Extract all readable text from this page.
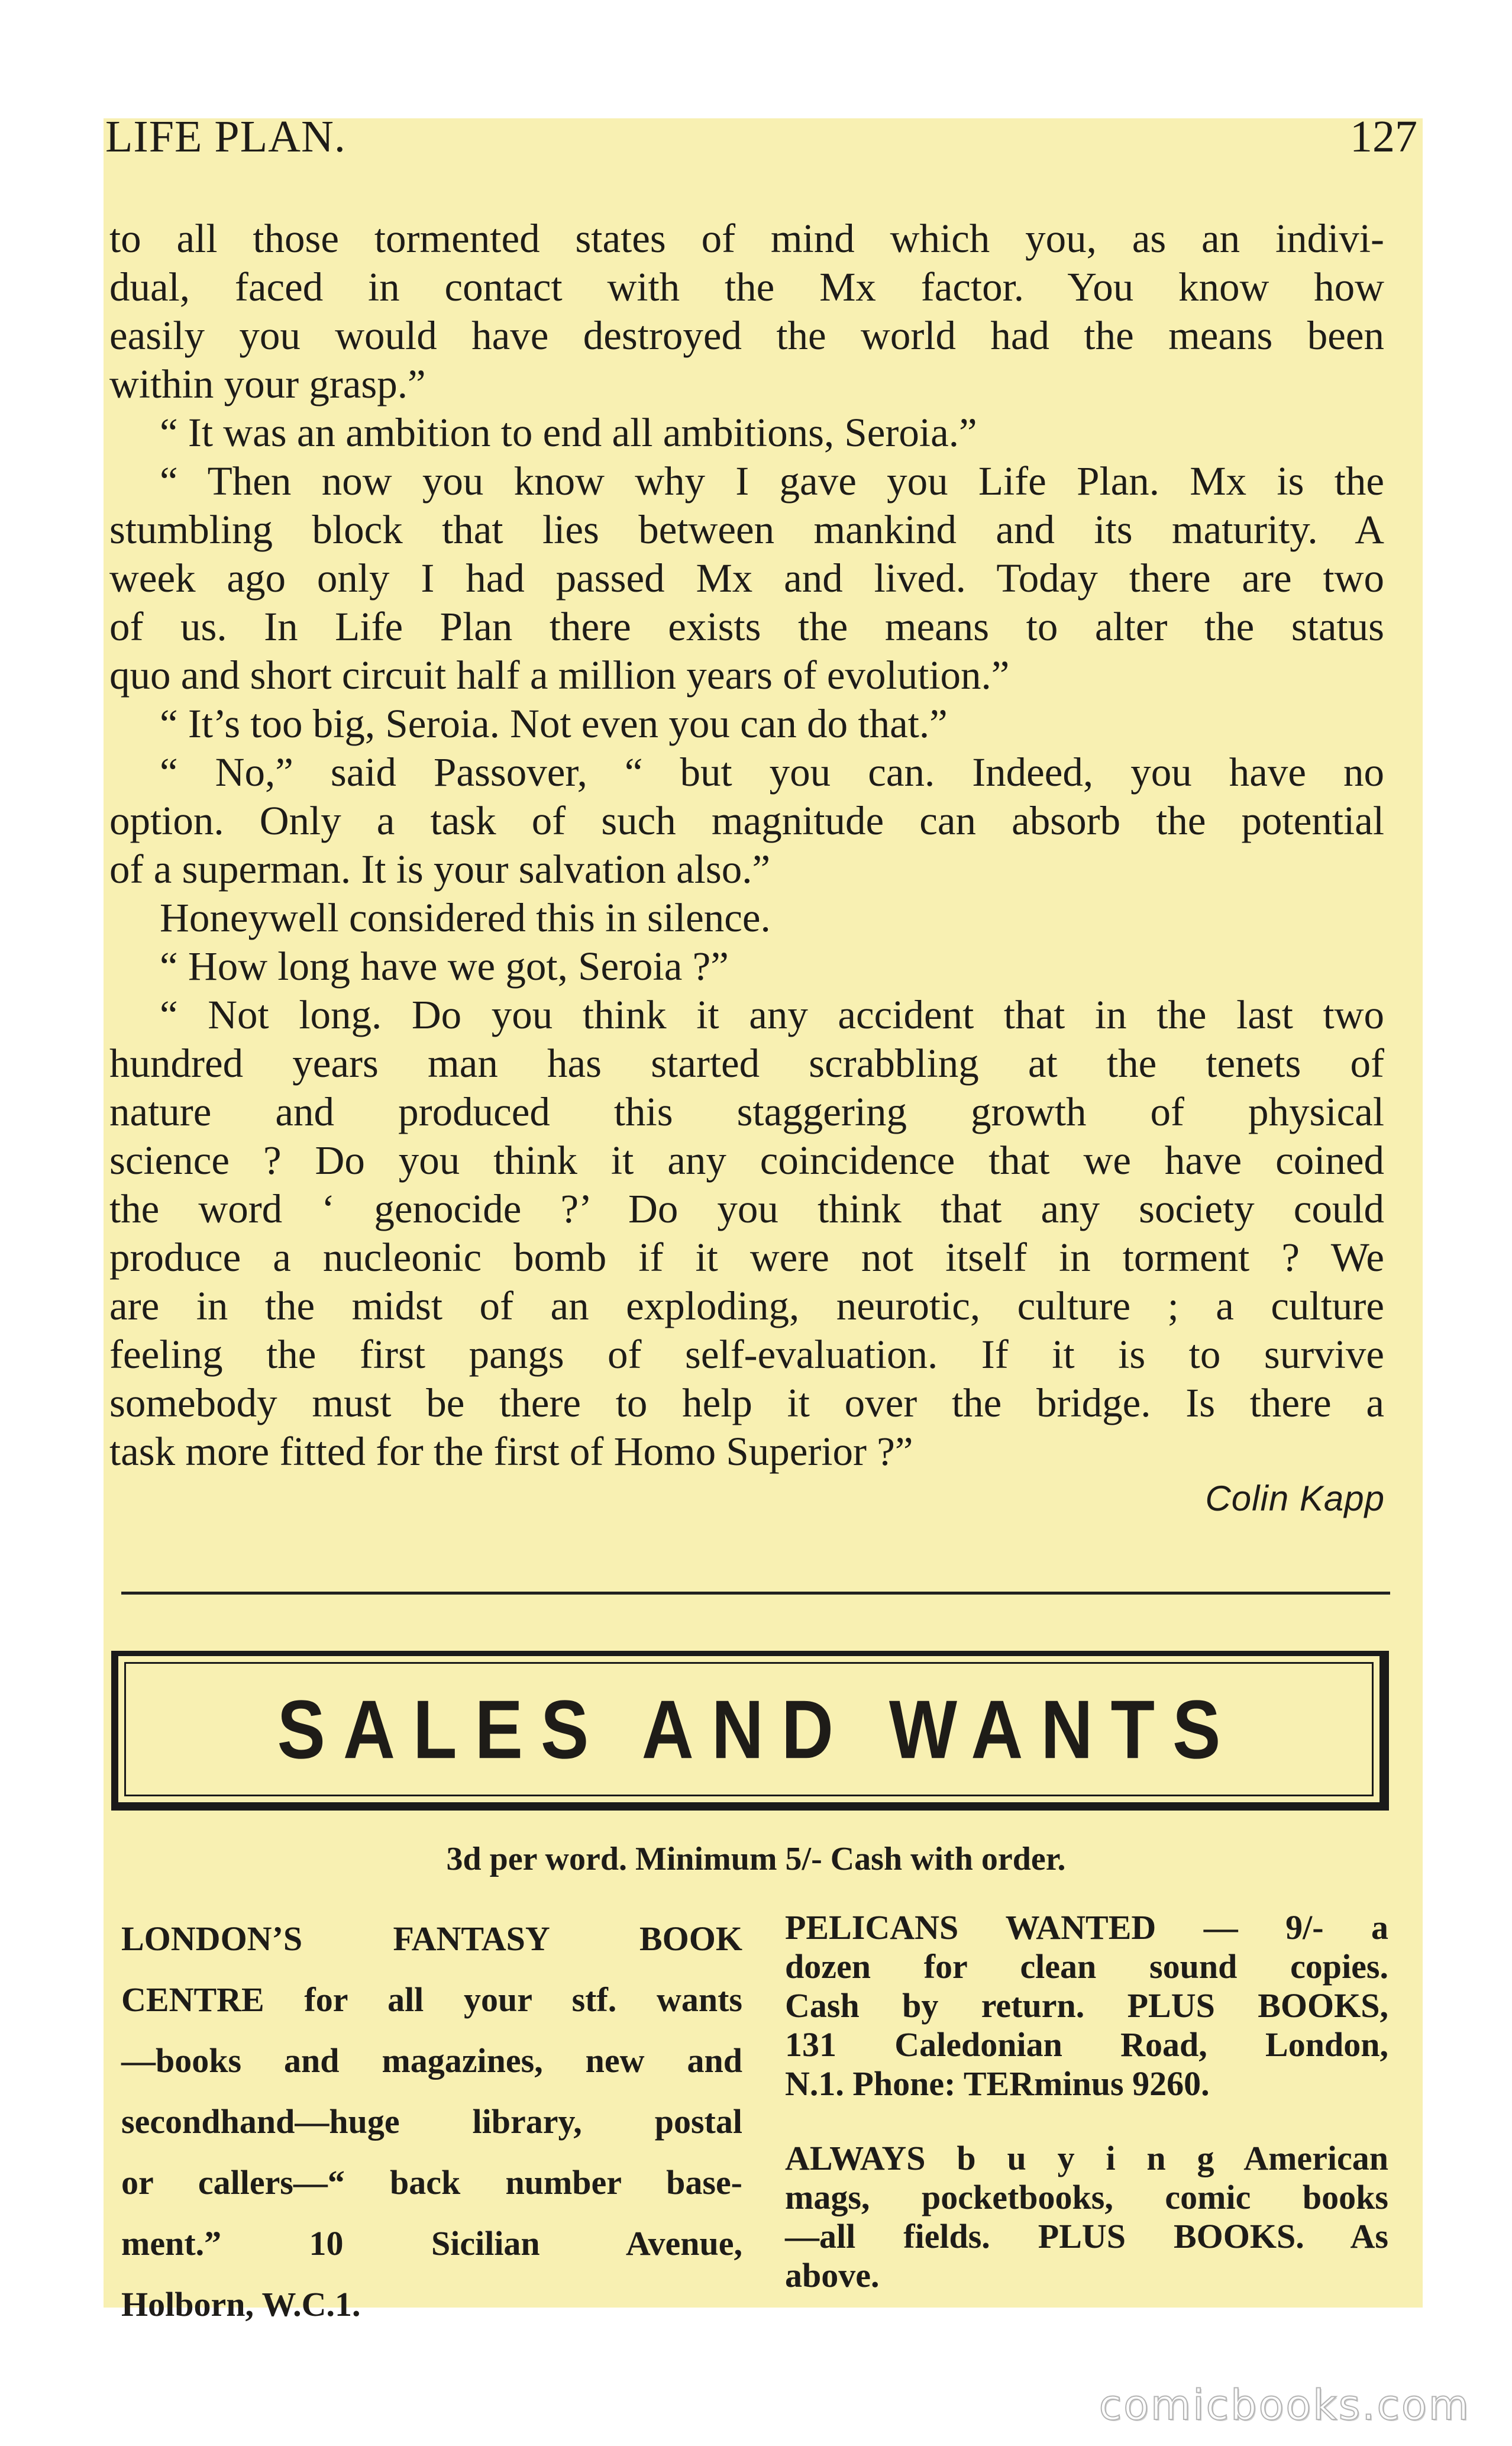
LIFE PLAN.	127
to all those tormented states of mind which you, as an indivi-
dual, faced in contact with the Mx factor. You know how
easily you would have destroyed the world had the means been
within your grasp.”
“ It was an ambition to end all ambitions, Seroia.”
“ Then now you know why I gave you Life Plan. Mx is the
stumbling block that lies between mankind and its maturity. A
week ago only I had passed Mx and lived. Today there are two
of us. In Life Plan there exists the means to alter the status
quo and short circuit half a million years of evolution.”
“ It’s too big, Seroia. Not even you can do that.”
“ No,” said Passover, “ but you can. Indeed, you have no
option. Only a task of such magnitude can absorb the potential
of a superman. It is your salvation also.”
Honeywell considered this in silence.
“ How long have we got, Seroia ?”
“ Not long. Do you think it any accident that in the last two
hundred years man has started scrabbling at the tenets of
nature and produced this staggering growth of physical
science ? Do you think it any coincidence that we have coined
the word ‘ genocide ?’ Do you think that any society could
produce a nucleonic bomb if it were not itself in torment ? We
are in the midst of an exploding, neurotic, culture ; a culture
feeling the first pangs of self-evaluation. If it is to survive
somebody must be there to help it over the bridge. Is there a
task more fitted for the first of Homo Superior ?”
Colin Kapp
SALES AND WANTS
3d per word. Minimum 5/- Cash with order.
LONDON’S FANTASY BOOK
CENTRE for all your stf. wants
—books and magazines, new and
secondhand—huge library, postal
or callers—“ back number base-
ment.” 10 Sicilian Avenue,
Holborn, W.C.1.
PELICANS WANTED — 9/- a
dozen for clean sound copies.
Cash by return. PLUS BOOKS,
131 Caledonian Road, London,
N.1. Phone: TERminus 9260.
ALWAYS b u y i n g American
mags, pocketbooks, comic books
—all fields. PLUS BOOKS. As
above.
comicbooks.com
